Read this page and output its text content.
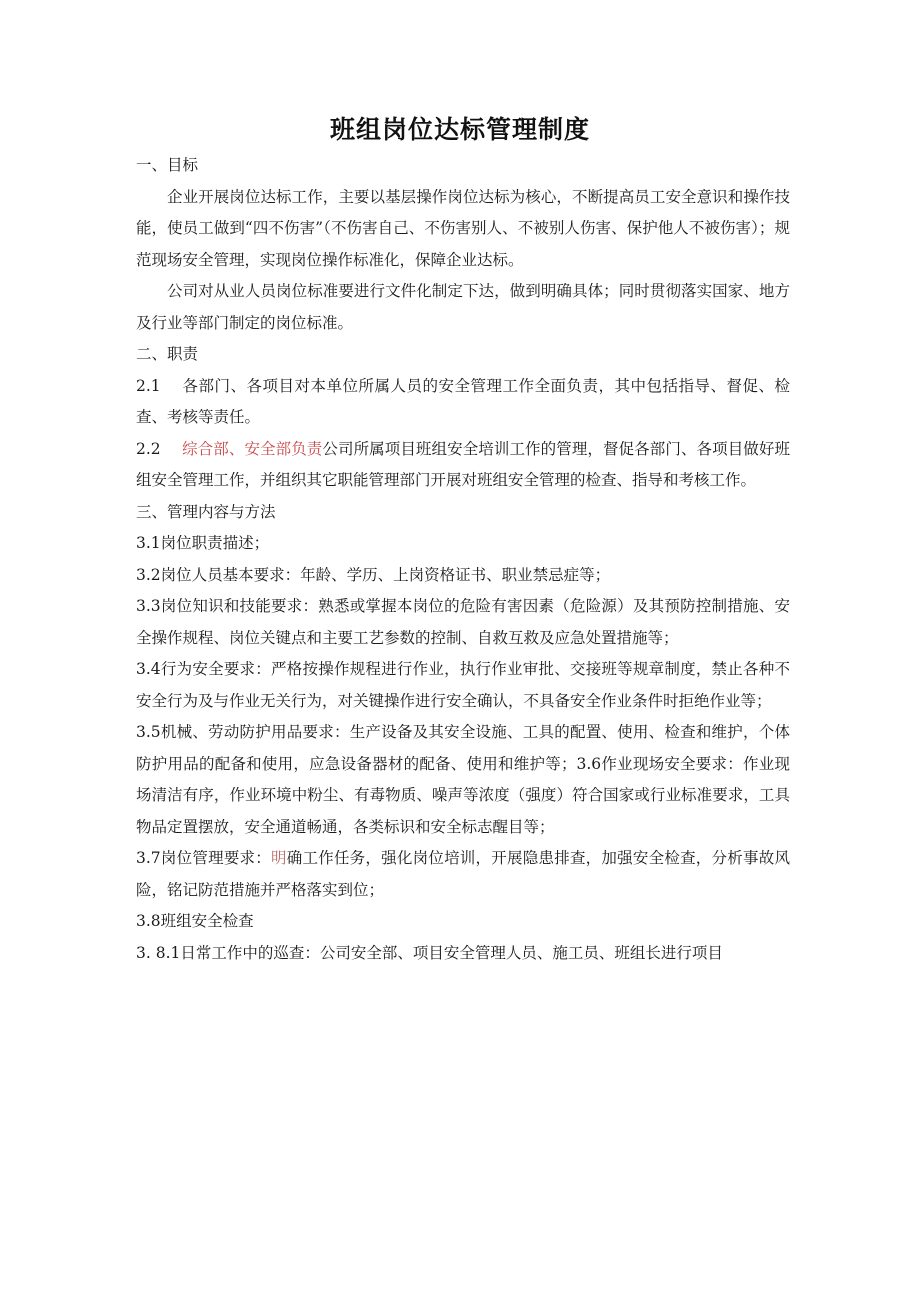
班组岗位达标管理制度

一、目标

企业开展岗位达标工作，主要以基层操作岗位达标为核心，不断提高员工安全意识和操作技能，使员工做到“四不伤害”（不伤害自己、不伤害别人、不被别人伤害、保护他人不被伤害）；规范现场安全管理，实现岗位操作标准化，保障企业达标。

公司对从业人员岗位标准要进行文件化制定下达，做到明确具体；同时贯彻落实国家、地方及行业等部门制定的岗位标准。

二、职责

2.1 各部门、各项目对本单位所属人员的安全管理工作全面负责，其中包括指导、督促、检查、考核等责任。

2.2 综合部、安全部负责公司所属项目班组安全培训工作的管理，督促各部门、各项目做好班组安全管理工作，并组织其它职能管理部门开展对班组安全管理的检查、指导和考核工作。

三、管理内容与方法

3.1岗位职责描述；

3.2岗位人员基本要求：年龄、学历、上岗资格证书、职业禁忌症等；

3.3岗位知识和技能要求：熟悉或掌握本岗位的危险有害因素（危险源）及其预防控制措施、安全操作规程、岗位关键点和主要工艺参数的控制、自救互救及应急处置措施等；

3.4行为安全要求：严格按操作规程进行作业，执行作业审批、交接班等规章制度，禁止各种不安全行为及与作业无关行为，对关键操作进行安全确认，不具备安全作业条件时拒绝作业等；

3.5机械、劳动防护用品要求：生产设备及其安全设施、工具的配置、使用、检查和维护，个体防护用品的配备和使用，应急设备器材的配备、使用和维护等；3.6作业现场安全要求：作业现场清洁有序，作业环境中粉尘、有毒物质、噪声等浓度（强度）符合国家或行业标准要求，工具物品定置摆放，安全通道畅通，各类标识和安全标志醒目等；

3.7岗位管理要求：明确工作任务，强化岗位培训，开展隐患排查，加强安全检查，分析事故风险，铭记防范措施并严格落实到位；

3.8班组安全检查

3. 8.1日常工作中的巡查：公司安全部、项目安全管理人员、施工员、班组长进行项目
